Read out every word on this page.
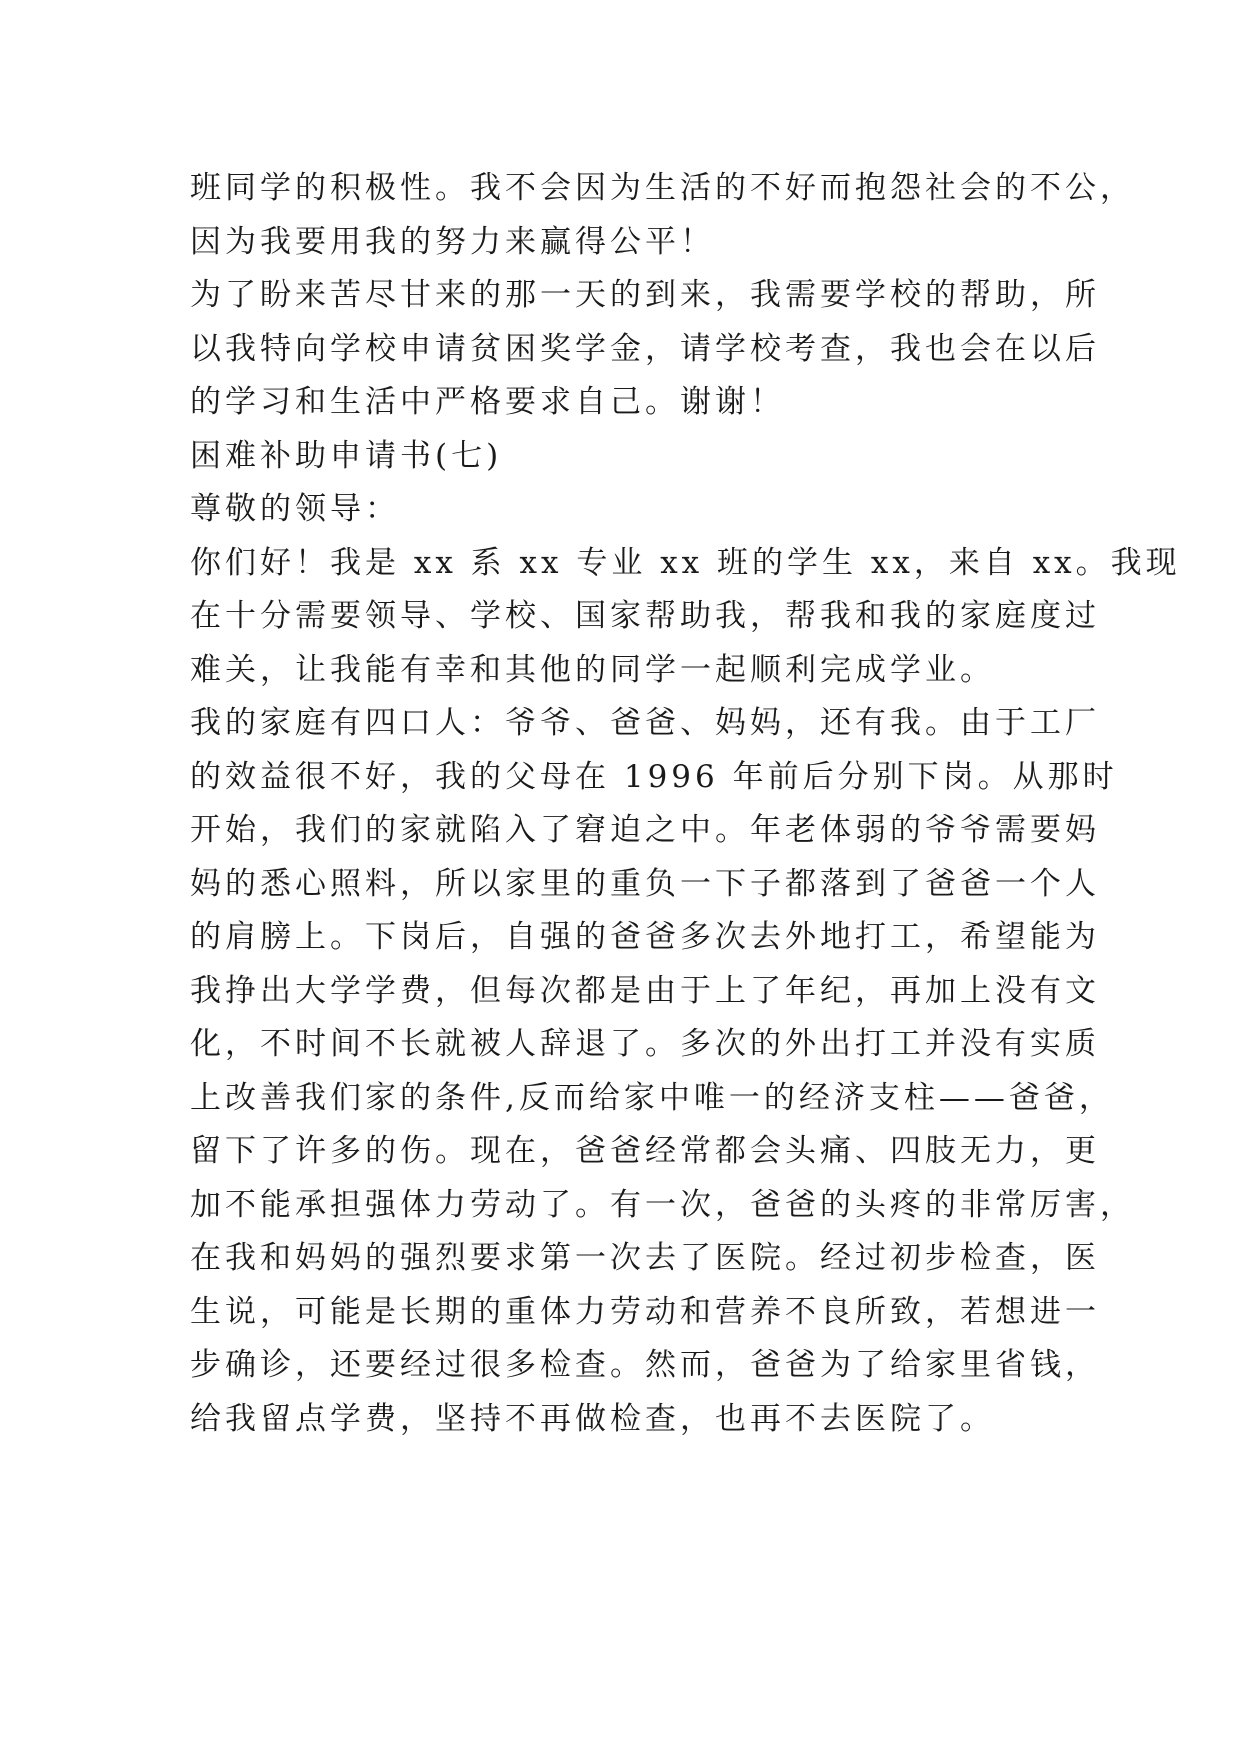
班同学的积极性。我不会因为生活的不好而抱怨社会的不公，
因为我要用我的努力来赢得公平！
为了盼来苦尽甘来的那一天的到来，我需要学校的帮助，所
以我特向学校申请贫困奖学金，请学校考查，我也会在以后
的学习和生活中严格要求自己。谢谢！
困难补助申请书(七)
尊敬的领导：
你们好！我是 xx 系 xx 专业 xx 班的学生 xx，来自 xx。我现
在十分需要领导、学校、国家帮助我，帮我和我的家庭度过
难关，让我能有幸和其他的同学一起顺利完成学业。
我的家庭有四口人：爷爷、爸爸、妈妈，还有我。由于工厂
的效益很不好，我的父母在 1996 年前后分别下岗。从那时
开始，我们的家就陷入了窘迫之中。年老体弱的爷爷需要妈
妈的悉心照料，所以家里的重负一下子都落到了爸爸一个人
的肩膀上。下岗后，自强的爸爸多次去外地打工，希望能为
我挣出大学学费，但每次都是由于上了年纪，再加上没有文
化，不时间不长就被人辞退了。多次的外出打工并没有实质
上改善我们家的条件,反而给家中唯一的经济支柱——爸爸，
留下了许多的伤。现在，爸爸经常都会头痛、四肢无力，更
加不能承担强体力劳动了。有一次，爸爸的头疼的非常厉害，
在我和妈妈的强烈要求第一次去了医院。经过初步检查，医
生说，可能是长期的重体力劳动和营养不良所致，若想进一
步确诊，还要经过很多检查。然而，爸爸为了给家里省钱，
给我留点学费，坚持不再做检查，也再不去医院了。
